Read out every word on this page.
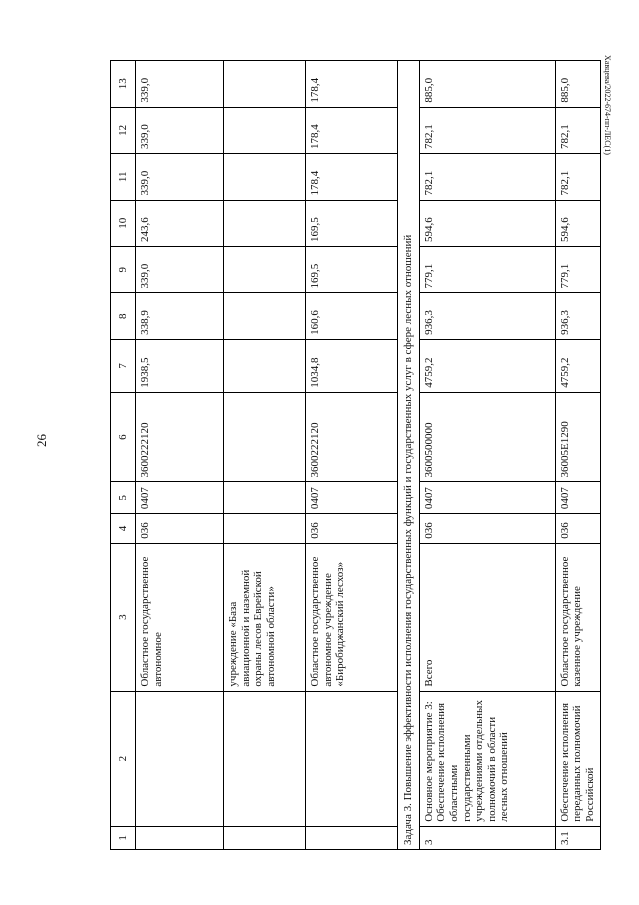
26
Хавцева/2022-674-пп-ЛЕС(1)
1	2	3	4	5	6	7	8	9	10	11	12	13
		Областное государственное автономное	036	0407	3600222120	1938,5	338,9	339,0	243,6	339,0	339,0	339,0
		учреждение «База авиационной и наземной охраны лесов Еврейской автономной области»										
		Областное государственное автономное учреждение «Биробиджанский лесхоз»	036	0407	3600222120	1034,8	160,6	169,5	169,5	178,4	178,4	178,4
Задача 3. Повышение эффективности исполнения государственных функций и государственных услуг в сфере лесных отношений												
3	Основное мероприятие 3: Обеспечение исполнения областными государственными учреждениями отдельных полномочий в области лесных отношений	Всего	036	0407	3600500000	4759,2	936,3	779,1	594,6	782,1	782,1	885,0
3.1	Обеспечение исполнения переданных полномочий Российской	Областное государственное казенное учреждение	036	0407	36005E1290	4759,2	936,3	779,1	594,6	782,1	782,1	885,0
